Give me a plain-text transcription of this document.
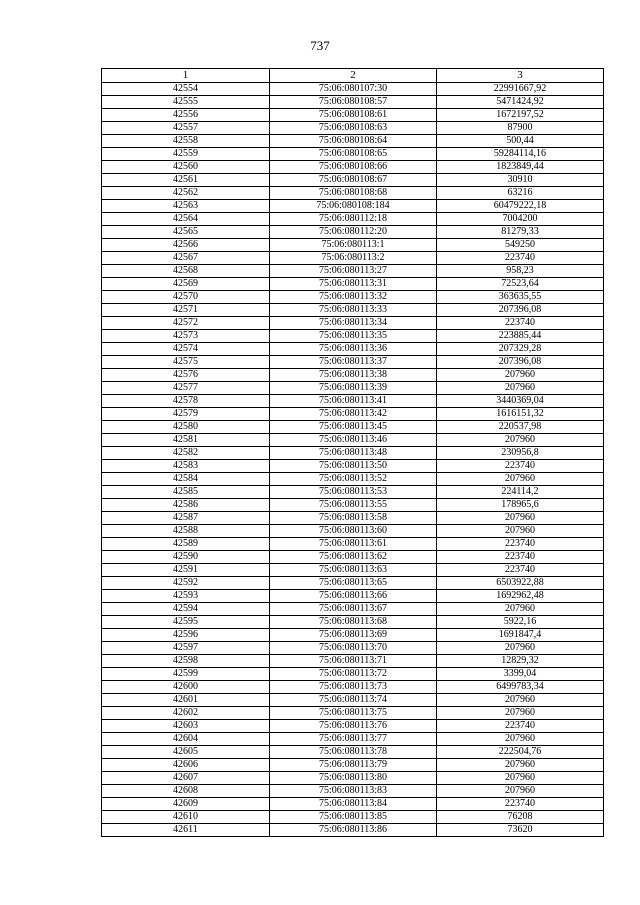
737
1	2	3
42554	75:06:080107:30	22991667,92
42555	75:06:080108:57	5471424,92
42556	75:06:080108:61	1672197,52
42557	75:06:080108:63	87900
42558	75:06:080108:64	500,44
42559	75:06:080108:65	59284114,16
42560	75:06:080108:66	1823849,44
42561	75:06:080108:67	30910
42562	75:06:080108:68	63216
42563	75:06:080108:184	60479222,18
42564	75:06:080112:18	7004200
42565	75:06:080112:20	81279,33
42566	75:06:080113:1	549250
42567	75:06:080113:2	223740
42568	75:06:080113:27	958,23
42569	75:06:080113:31	72523,64
42570	75:06:080113:32	363635,55
42571	75:06:080113:33	207396,08
42572	75:06:080113:34	223740
42573	75:06:080113:35	223885,44
42574	75:06:080113:36	207329,28
42575	75:06:080113:37	207396,08
42576	75:06:080113:38	207960
42577	75:06:080113:39	207960
42578	75:06:080113:41	3440369,04
42579	75:06:080113:42	1616151,32
42580	75:06:080113:45	220537,98
42581	75:06:080113:46	207960
42582	75:06:080113:48	230956,8
42583	75:06:080113:50	223740
42584	75:06:080113:52	207960
42585	75:06:080113:53	224114,2
42586	75:06:080113:55	178965,6
42587	75:06:080113:58	207960
42588	75:06:080113:60	207960
42589	75:06:080113:61	223740
42590	75:06:080113:62	223740
42591	75:06:080113:63	223740
42592	75:06:080113:65	6503922,88
42593	75:06:080113:66	1692962,48
42594	75:06:080113:67	207960
42595	75:06:080113:68	5922,16
42596	75:06:080113:69	1691847,4
42597	75:06:080113:70	207960
42598	75:06:080113:71	12829,32
42599	75:06:080113:72	3399,04
42600	75:06:080113:73	6499783,34
42601	75:06:080113:74	207960
42602	75:06:080113:75	207960
42603	75:06:080113:76	223740
42604	75:06:080113:77	207960
42605	75:06:080113:78	222504,76
42606	75:06:080113:79	207960
42607	75:06:080113:80	207960
42608	75:06:080113:83	207960
42609	75:06:080113:84	223740
42610	75:06:080113:85	76208
42611	75:06:080113:86	73620
